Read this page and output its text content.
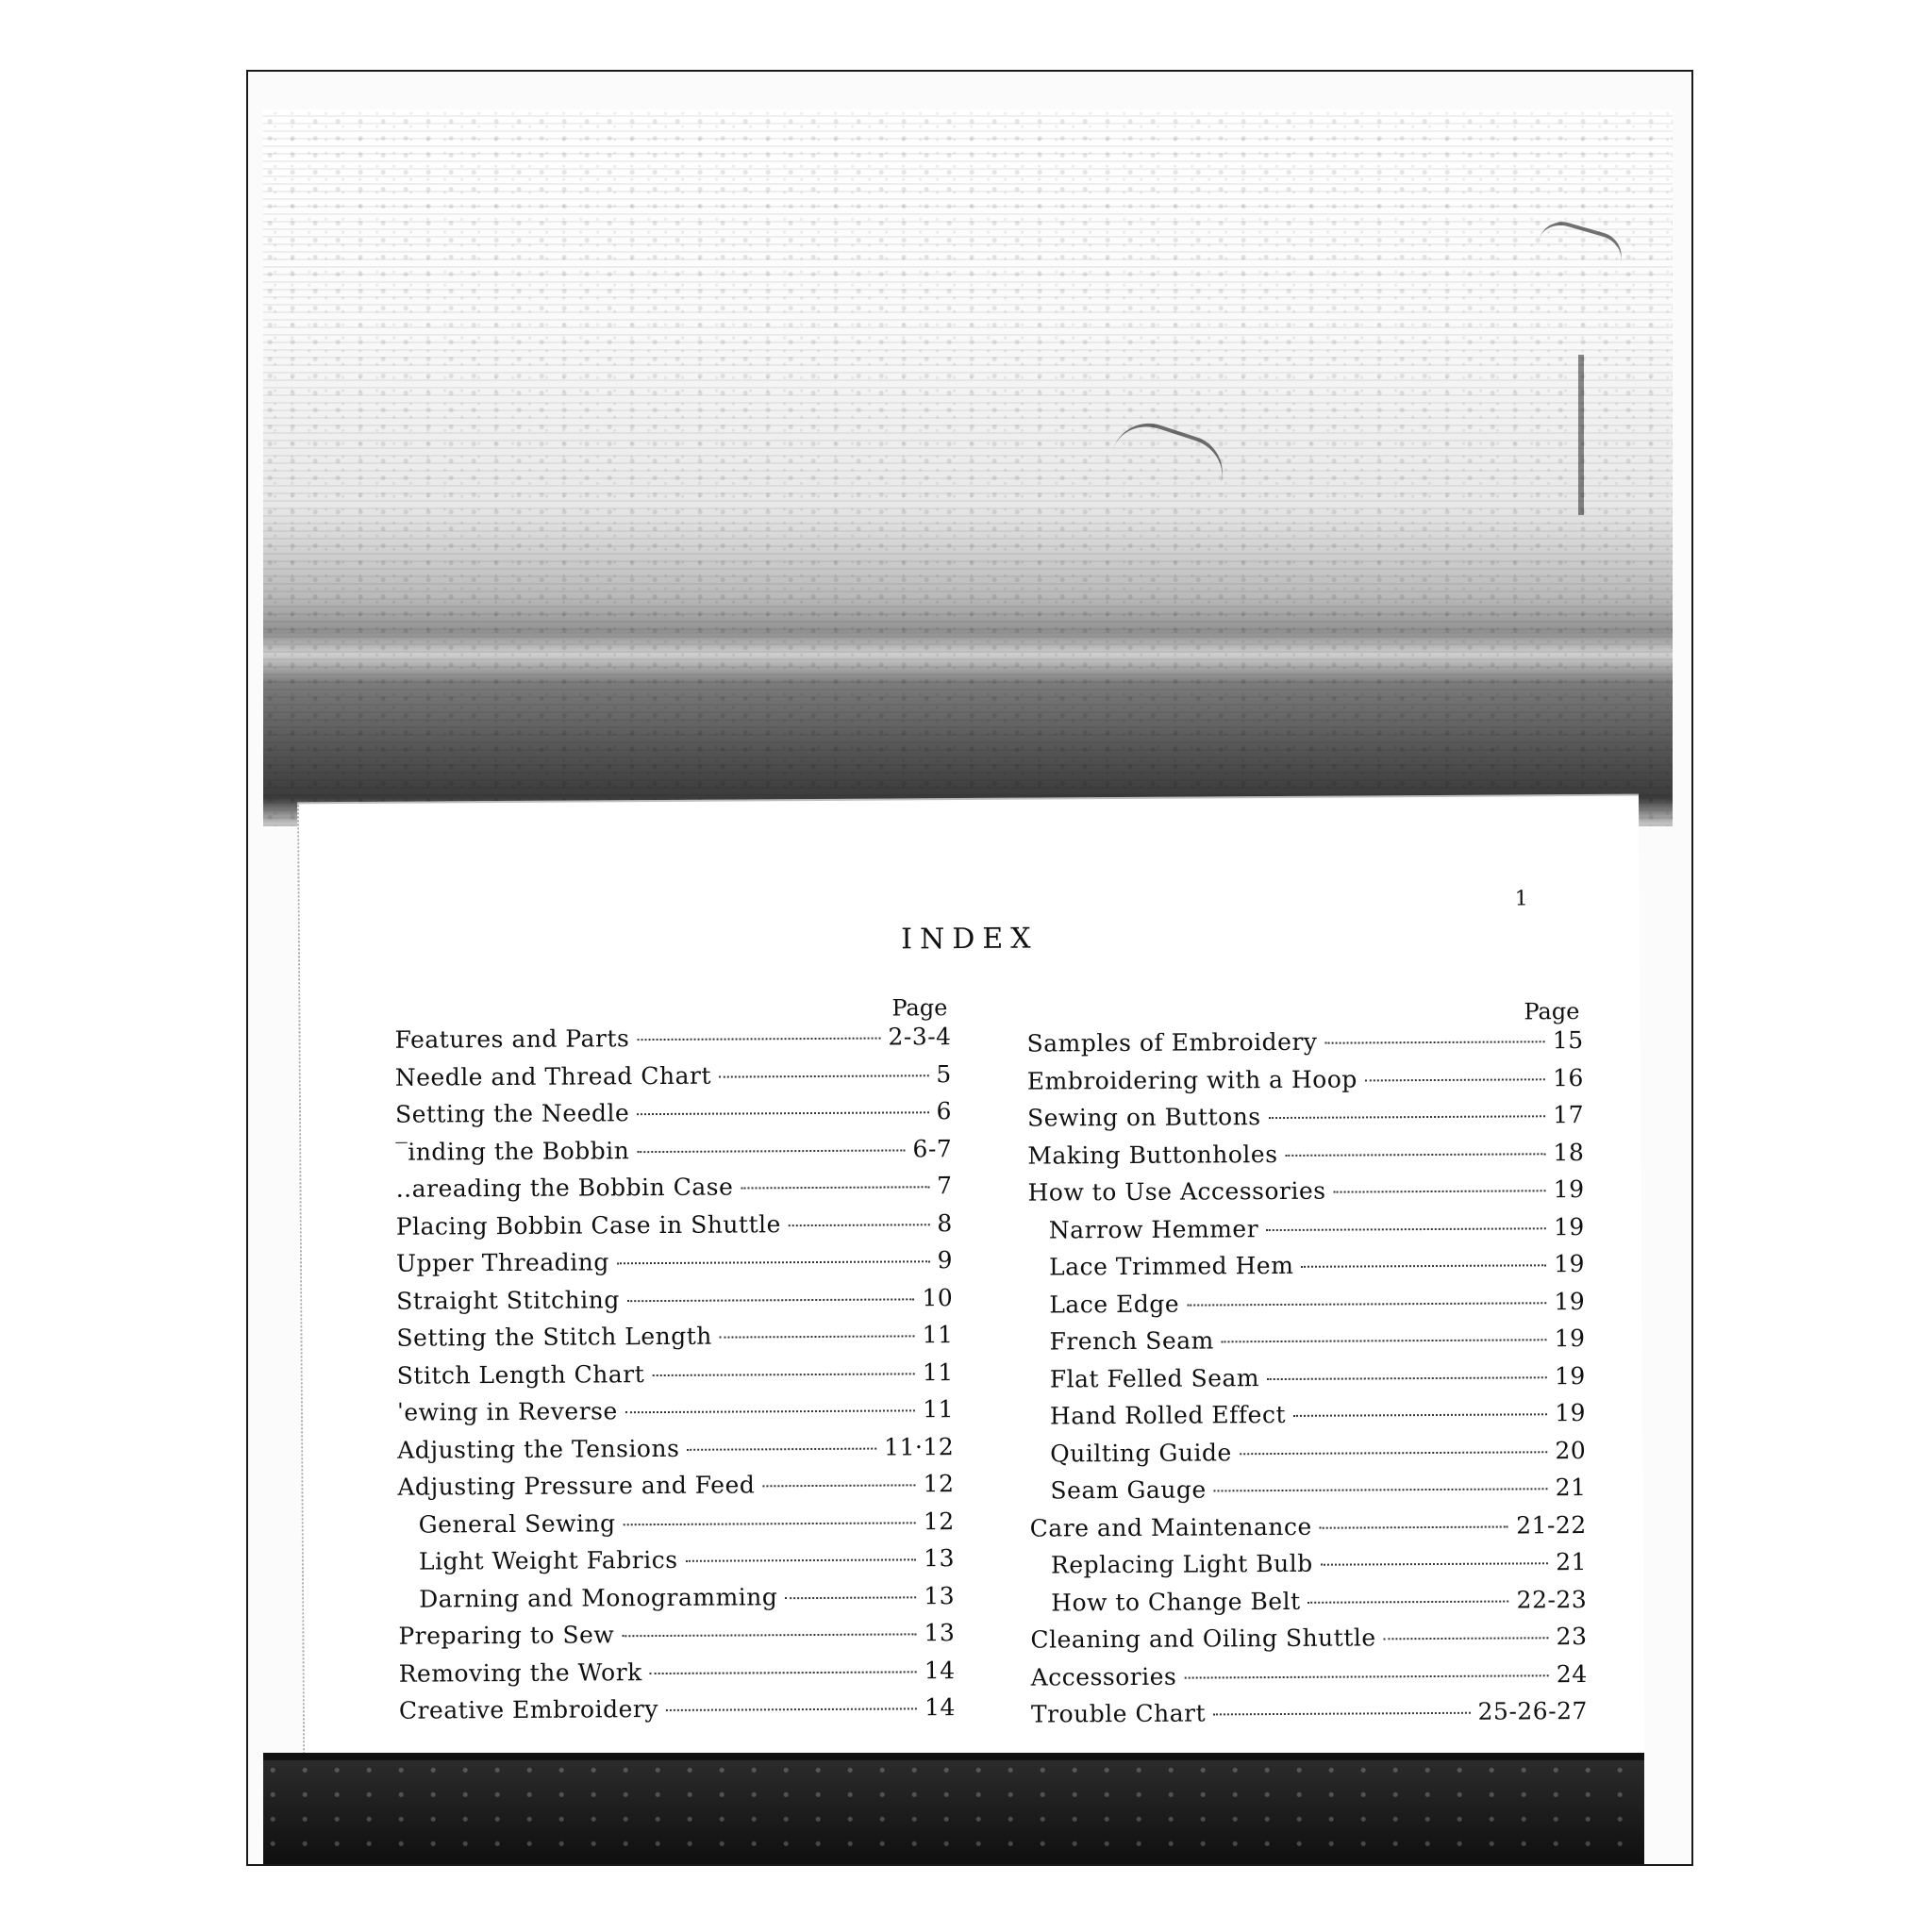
1
INDEX
Page
Features and Parts	2-3-4
Needle and Thread Chart	5
Setting the Needle	6
‾inding the Bobbin	6-7
‥areading the Bobbin Case	7
Placing Bobbin Case in Shuttle	8
Upper Threading	9
Straight Stitching	10
Setting the Stitch Length	11
Stitch Length Chart	11
ˈewing in Reverse	11
Adjusting the Tensions	11·12
Adjusting Pressure and Feed	12
General Sewing	12
Light Weight Fabrics	13
Darning and Monogramming	13
Preparing to Sew	13
Removing the Work	14
Creative Embroidery	14
Page
Samples of Embroidery	15
Embroidering with a Hoop	16
Sewing on Buttons	17
Making Buttonholes	18
How to Use Accessories	19
Narrow Hemmer	19
Lace Trimmed Hem	19
Lace Edge	19
French Seam	19
Flat Felled Seam	19
Hand Rolled Effect	19
Quilting Guide	20
Seam Gauge	21
Care and Maintenance	21-22
Replacing Light Bulb	21
How to Change Belt	22-23
Cleaning and Oiling Shuttle	23
Accessories	24
Trouble Chart	25-26-27
